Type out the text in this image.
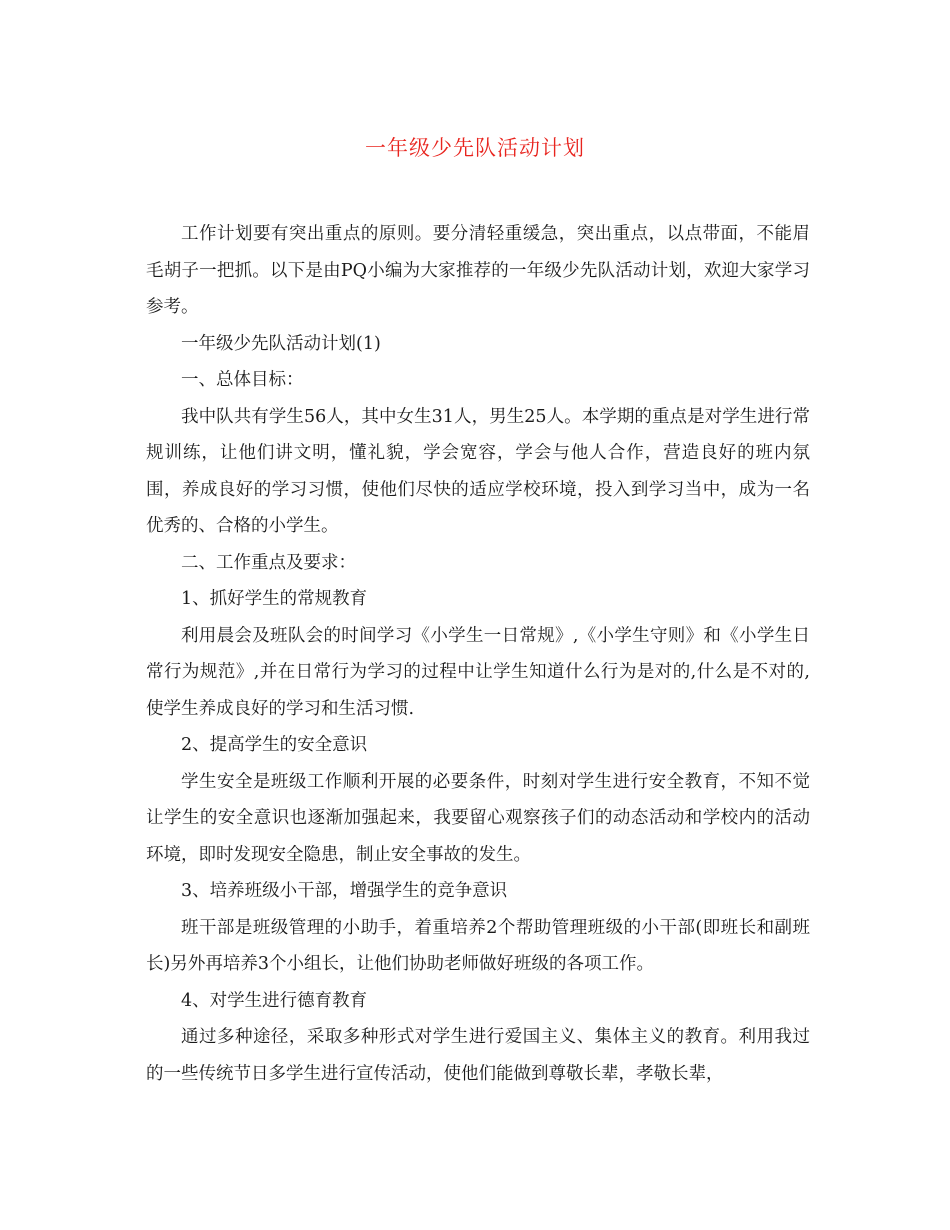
一年级少先队活动计划

工作计划要有突出重点的原则。要分清轻重缓急，突出重点，以点带面，不能眉毛胡子一把抓。以下是由PQ小编为大家推荐的一年级少先队活动计划，欢迎大家学习参考。

一年级少先队活动计划(1)

一、总体目标：

我中队共有学生56人，其中女生31人，男生25人。本学期的重点是对学生进行常规训练，让他们讲文明，懂礼貌，学会宽容，学会与他人合作，营造良好的班内氛围，养成良好的学习习惯，使他们尽快的适应学校环境，投入到学习当中，成为一名优秀的、合格的小学生。

二、工作重点及要求：

1、抓好学生的常规教育

利用晨会及班队会的时间学习《小学生一日常规》,《小学生守则》和《小学生日常行为规范》,并在日常行为学习的过程中让学生知道什么行为是对的,什么是不对的,使学生养成良好的学习和生活习惯.

2、提高学生的安全意识

学生安全是班级工作顺利开展的必要条件，时刻对学生进行安全教育，不知不觉让学生的安全意识也逐渐加强起来，我要留心观察孩子们的动态活动和学校内的活动环境，即时发现安全隐患，制止安全事故的发生。

3、培养班级小干部，增强学生的竞争意识

班干部是班级管理的小助手，着重培养2个帮助管理班级的小干部(即班长和副班长)另外再培养3个小组长，让他们协助老师做好班级的各项工作。

4、对学生进行德育教育

通过多种途径，采取多种形式对学生进行爱国主义、集体主义的教育。利用我过的一些传统节日多学生进行宣传活动，使他们能做到尊敬长辈，孝敬长辈，
